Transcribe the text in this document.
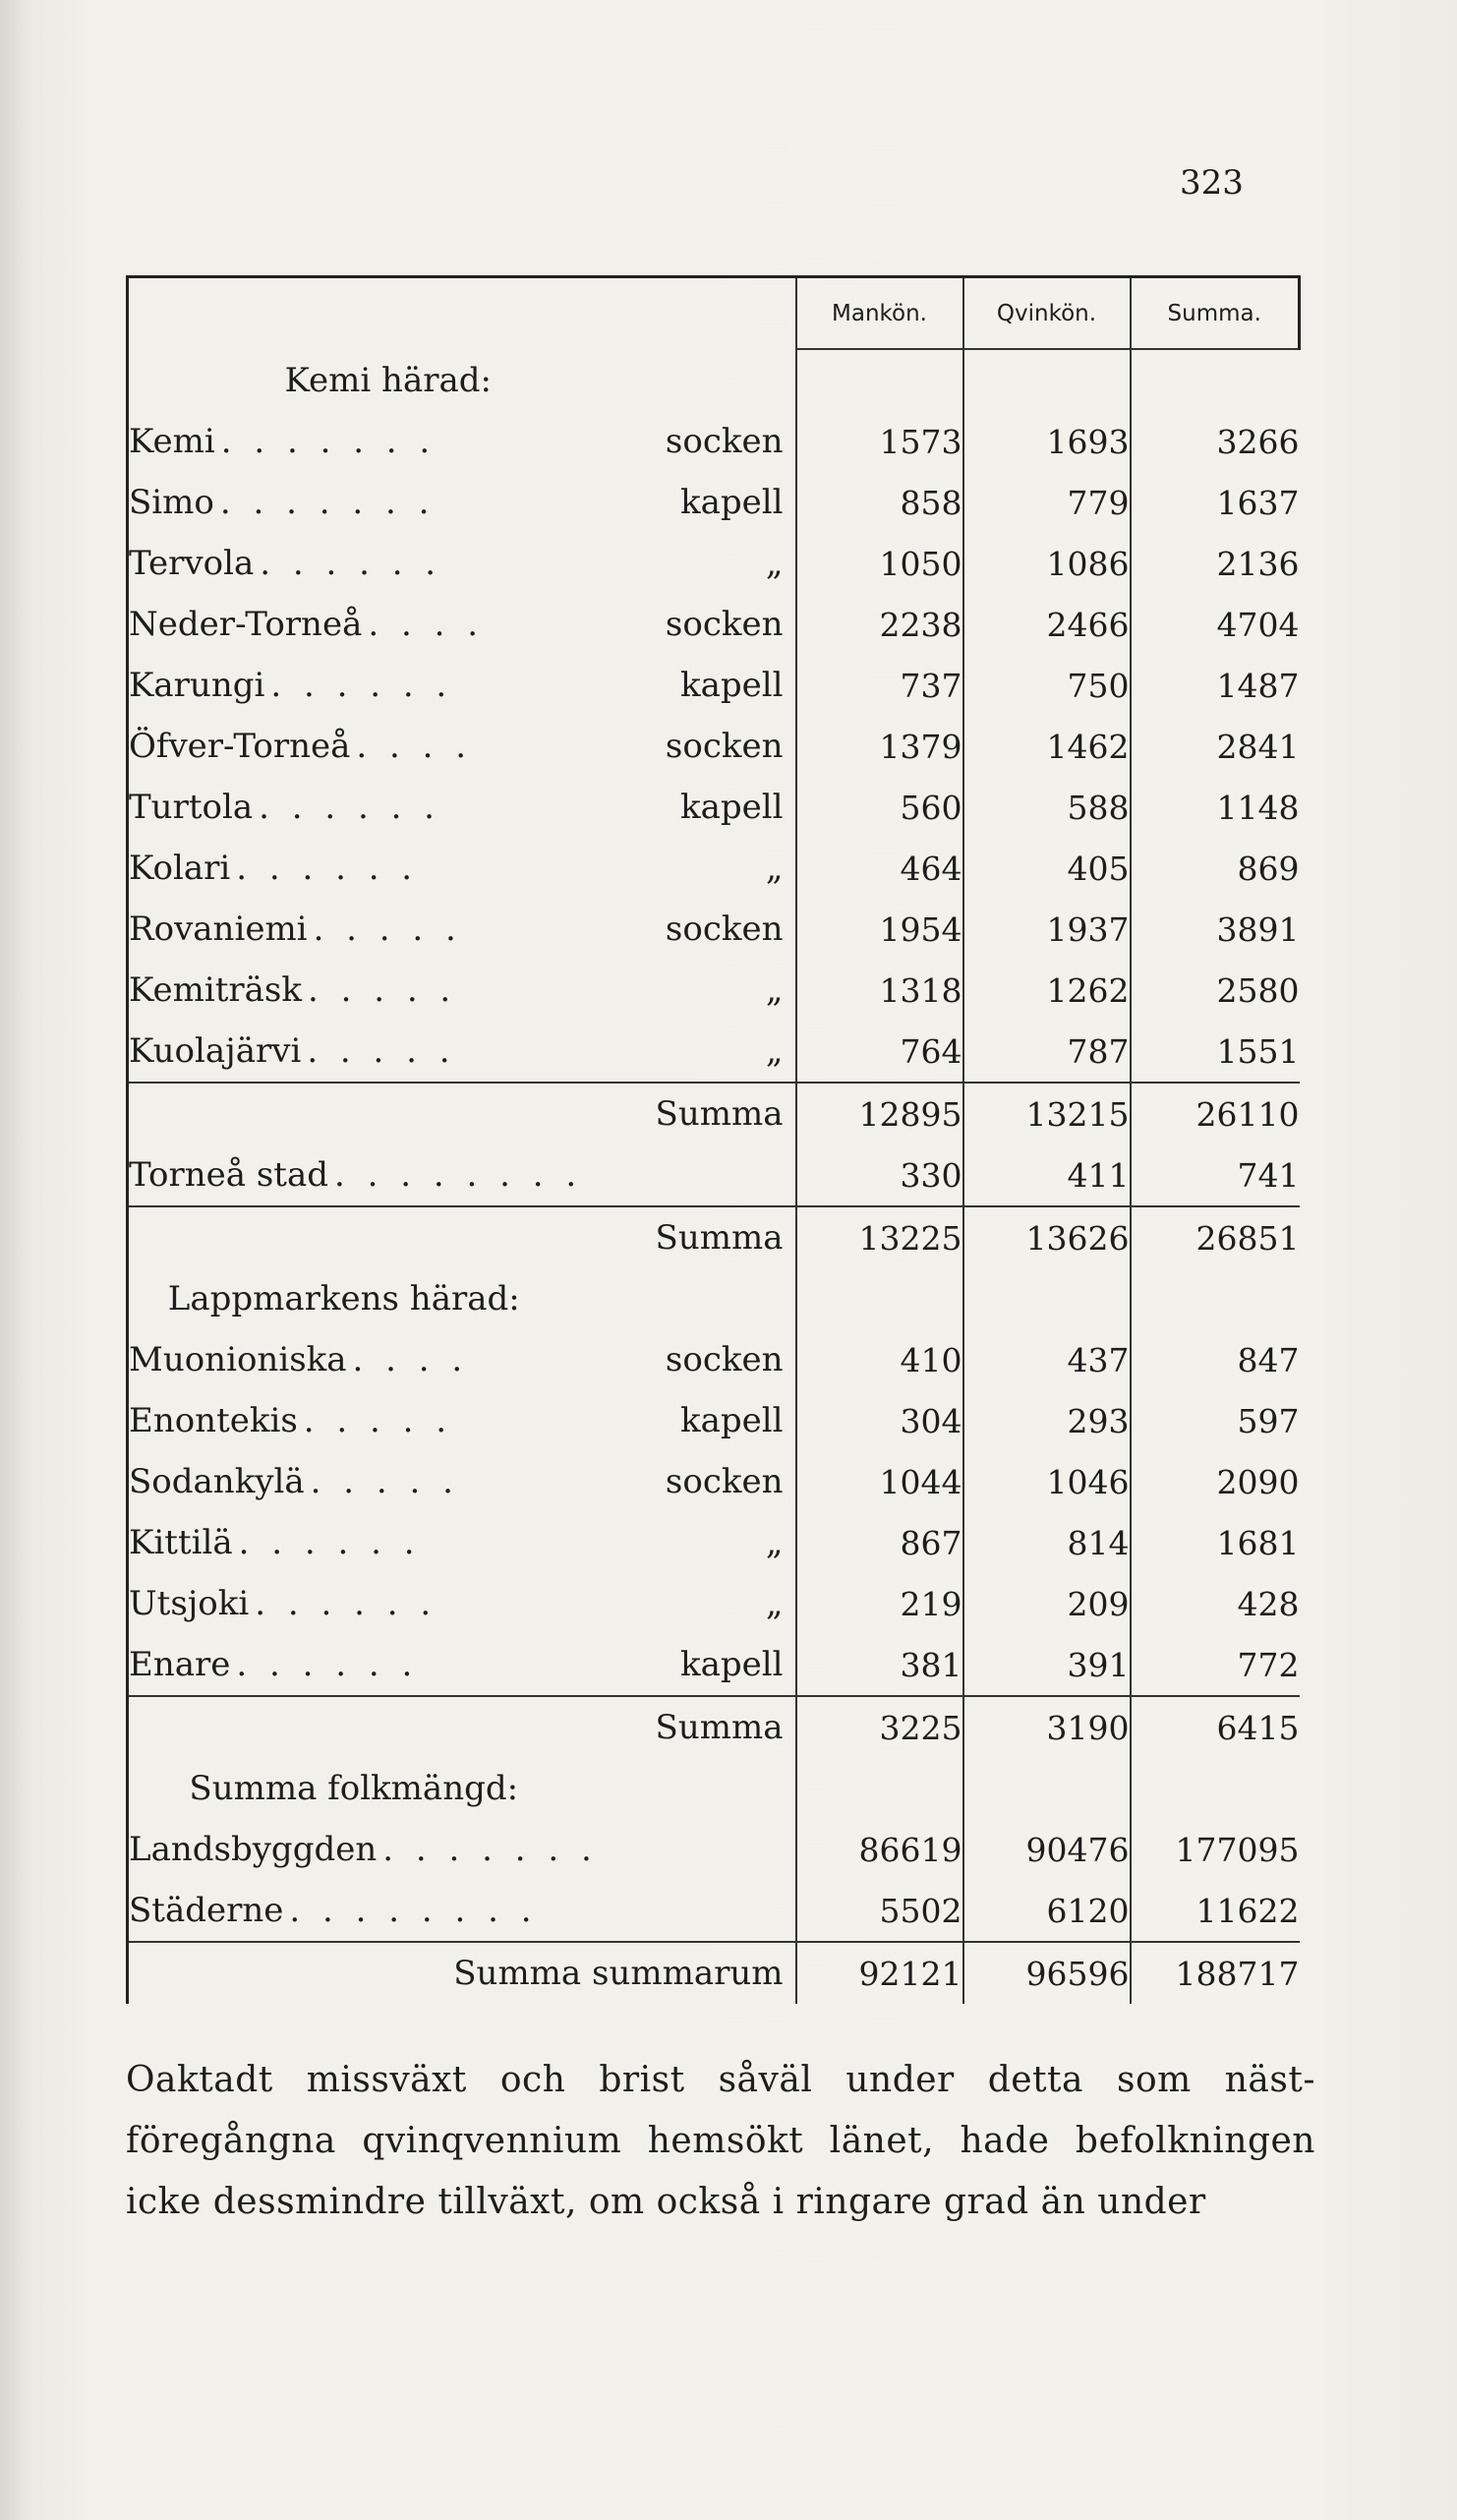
323
	Mankön.	Qvinkön.	Summa.
Kemi härad:			
Kemi . . . . . . . socken	1573	1693	3266
Simo . . . . . . . kapell	858	779	1637
Tervola . . . . . . „	1050	1086	2136
Neder-Torneå . . . . socken	2238	2466	4704
Karungi . . . . . . kapell	737	750	1487
Öfver-Torneå . . . . socken	1379	1462	2841
Turtola . . . . . . kapell	560	588	1148
Kolari . . . . . . „	464	405	869
Rovaniemi . . . . . socken	1954	1937	3891
Kemiträsk . . . . . „	1318	1262	2580
Kuolajärvi . . . . . „	764	787	1551
Summa	12895	13215	26110
Torneå stad . . . . . . . .	330	411	741
Summa	13225	13626	26851
Lappmarkens härad:			
Muonioniska . . . . socken	410	437	847
Enontekis . . . . . kapell	304	293	597
Sodankylä . . . . . socken	1044	1046	2090
Kittilä . . . . . . „	867	814	1681
Utsjoki . . . . . . „	219	209	428
Enare . . . . . . kapell	381	391	772
Summa	3225	3190	6415
Summa folkmängd:			
Landsbyggden . . . . . . .	86619	90476	177095
Städerne . . . . . . . .	5502	6120	11622
Summa summarum	92121	96596	188717
Oaktadt missväxt och brist såväl under detta som näst-föregångna qvinqvennium hemsökt länet, hade befolkningen icke dessmindre tillväxt, om också i ringare grad än under
